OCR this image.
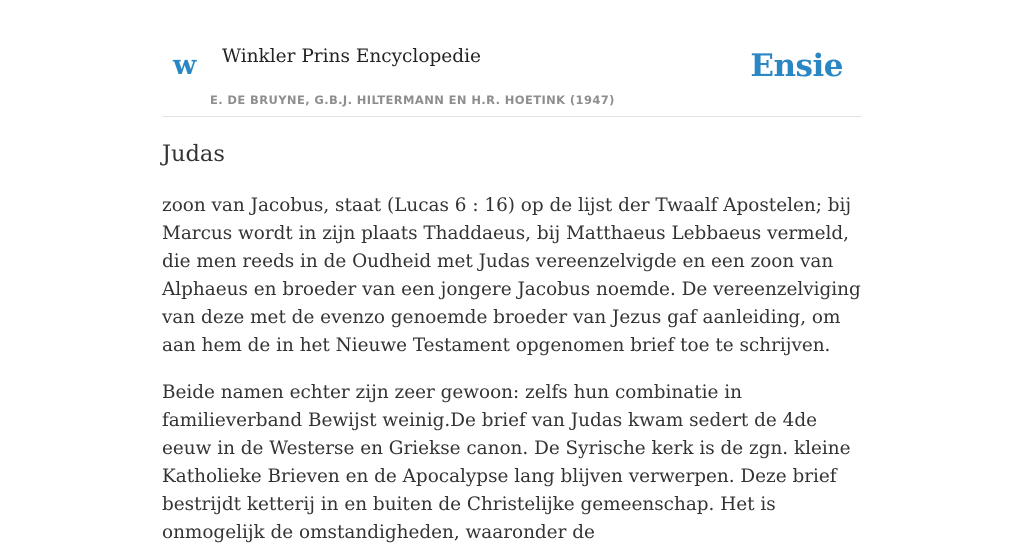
w Winkler Prins Encyclopedie
E. DE BRUYNE, G.B.J. HILTERMANN EN H.R. HOETINK (1947)
Ensie
Judas

zoon van Jacobus, staat (Lucas 6 : 16) op de lijst der Twaalf Apostelen; bij Marcus wordt in zijn plaats Thaddaeus, bij Matthaeus Lebbaeus vermeld, die men reeds in de Oudheid met Judas vereenzelvigde en een zoon van Alphaeus en broeder van een jongere Jacobus noemde. De vereenzelviging van deze met de evenzo genoemde broeder van Jezus gaf aanleiding, om aan hem de in het Nieuwe Testament opgenomen brief toe te schrijven.

Beide namen echter zijn zeer gewoon: zelfs hun combinatie in familieverband Bewijst weinig.De brief van Judas kwam sedert de 4de eeuw in de Westerse en Griekse canon. De Syrische kerk is de zgn. kleine Katholieke Brieven en de Apocalypse lang blijven verwerpen. Deze brief bestrijdt ketterij in en buiten de Christelijke gemeenschap. Het is onmogelijk de omstandigheden, waaronder de
